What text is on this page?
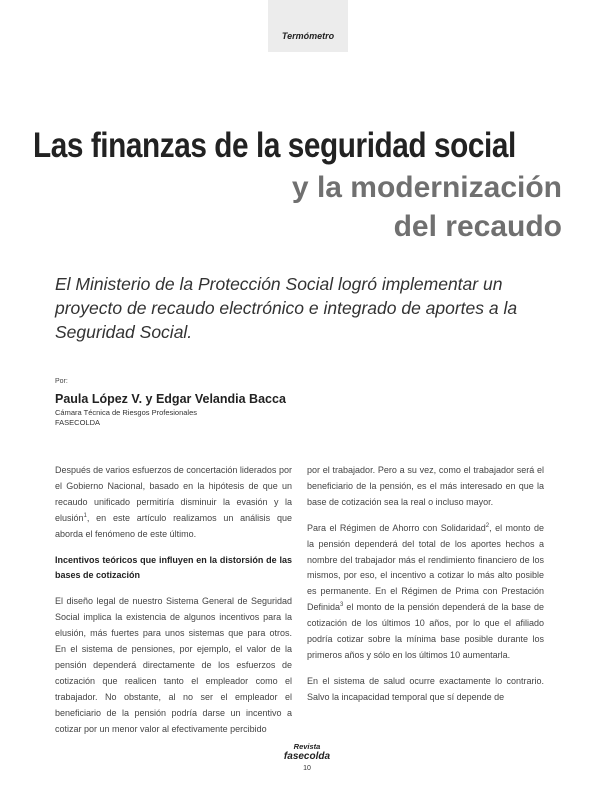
Termómetro
Las finanzas de la seguridad social
y la modernización
del recaudo
El Ministerio de la Protección Social logró implementar un proyecto de recaudo electrónico e integrado de aportes a la Seguridad Social.
Por:
Paula López V. y Edgar Velandia Bacca
Cámara Técnica de Riesgos Profesionales
FASECOLDA

Después de varios esfuerzos de concertación liderados por el Gobierno Nacional, basado en la hipótesis de que un recaudo unificado permitiría disminuir la evasión y la elusión$^1$, en este artículo realizamos un análisis que aborda el fenómeno de este último.

Incentivos teóricos que influyen en la distorsión de las bases de cotización

El diseño legal de nuestro Sistema General de Seguridad Social implica la existencia de algunos incentivos para la elusión, más fuertes para unos sistemas que para otros. En el sistema de pensiones, por ejemplo, el valor de la pensión dependerá directamente de los esfuerzos de cotización que realicen tanto el empleador como el trabajador. No obstante, al no ser el empleador el beneficiario de la pensión podría darse un incentivo a cotizar por un menor valor al efectivamente percibido

por el trabajador. Pero a su vez, como el trabajador será el beneficiario de la pensión, es el más interesado en que la base de cotización sea la real o incluso mayor.

Para el Régimen de Ahorro con Solidaridad$^2$, el monto de la pensión dependerá del total de los aportes hechos a nombre del trabajador más el rendimiento financiero de los mismos, por eso, el incentivo a cotizar lo más alto posible es permanente. En el Régimen de Prima con Prestación Definida$^3$ el monto de la pensión dependerá de la base de cotización de los últimos 10 años, por lo que el afiliado podría cotizar sobre la mínima base posible durante los primeros años y sólo en los últimos 10 aumentarla.

En el sistema de salud ocurre exactamente lo contrario. Salvo la incapacidad temporal que sí depende de

Revista
fasecolda
10
